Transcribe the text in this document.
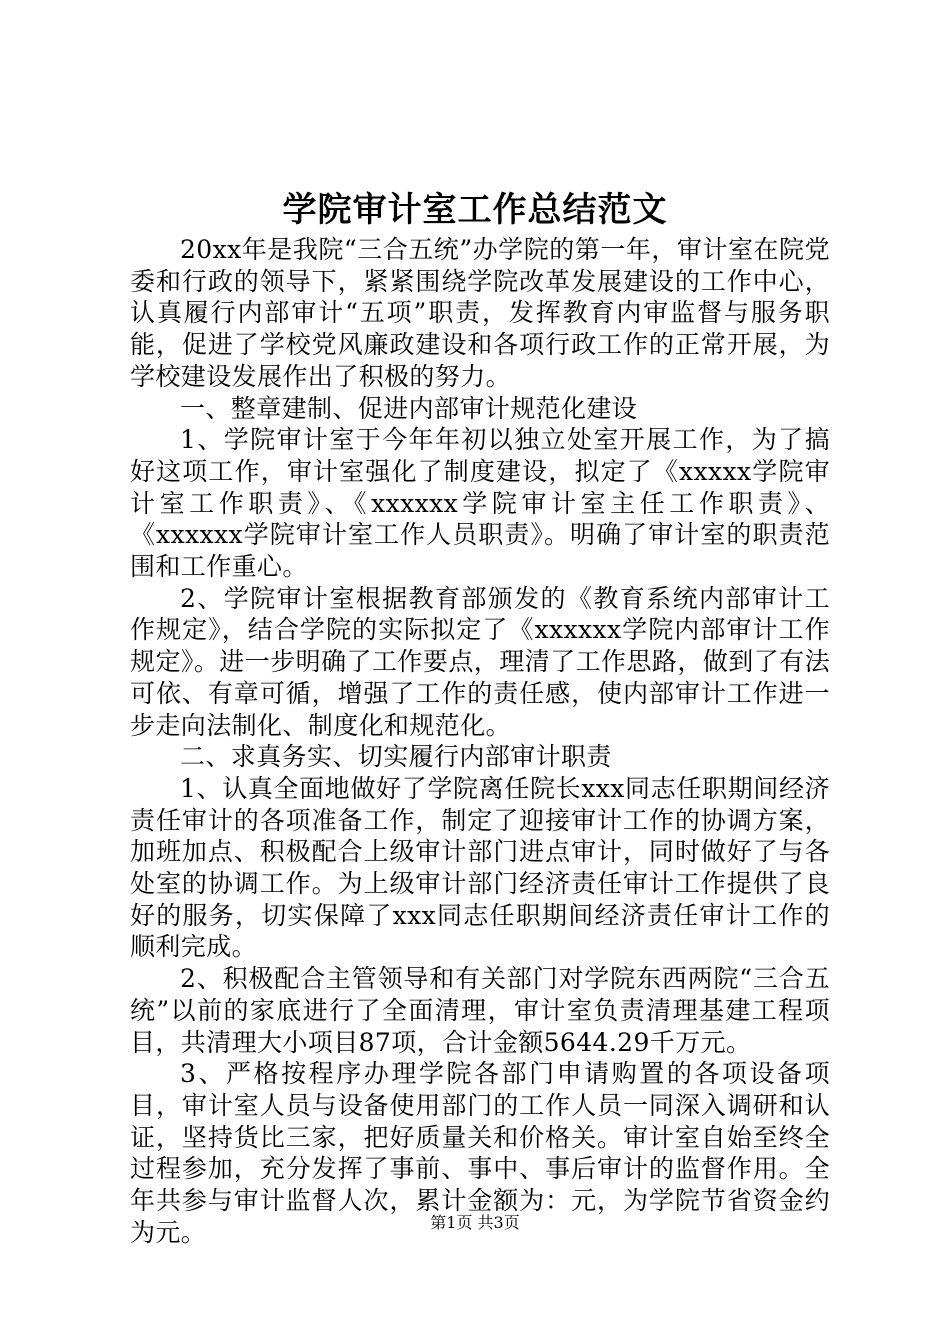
学院审计室工作总结范文

20xx年是我院“三合五统”办学院的第一年，审计室在院党委和行政的领导下，紧紧围绕学院改革发展建设的工作中心，认真履行内部审计“五项”职责，发挥教育内审监督与服务职能，促进了学校党风廉政建设和各项行政工作的正常开展，为学校建设发展作出了积极的努力。

一、整章建制、促进内部审计规范化建设

1、学院审计室于今年年初以独立处室开展工作，为了搞好这项工作，审计室强化了制度建设，拟定了《xxxxx学院审计室工作职责》、《xxxxxx学院审计室主任工作职责》、《xxxxxx学院审计室工作人员职责》。明确了审计室的职责范围和工作重心。

2、学院审计室根据教育部颁发的《教育系统内部审计工作规定》，结合学院的实际拟定了《xxxxxx学院内部审计工作规定》。进一步明确了工作要点，理清了工作思路，做到了有法可依、有章可循，增强了工作的责任感，使内部审计工作进一步走向法制化、制度化和规范化。

二、求真务实、切实履行内部审计职责

1、认真全面地做好了学院离任院长xxx同志任职期间经济责任审计的各项准备工作，制定了迎接审计工作的协调方案，加班加点、积极配合上级审计部门进点审计，同时做好了与各处室的协调工作。为上级审计部门经济责任审计工作提供了良好的服务，切实保障了xxx同志任职期间经济责任审计工作的顺利完成。

2、积极配合主管领导和有关部门对学院东西两院“三合五统”以前的家底进行了全面清理，审计室负责清理基建工程项目，共清理大小项目87项，合计金额5644.29千万元。

3、严格按程序办理学院各部门申请购置的各项设备项目，审计室人员与设备使用部门的工作人员一同深入调研和认证，坚持货比三家，把好质量关和价格关。审计室自始至终全过程参加，充分发挥了事前、事中、事后审计的监督作用。全年共参与审计监督人次，累计金额为：元，为学院节省资金约为元。	第1页 共3页
